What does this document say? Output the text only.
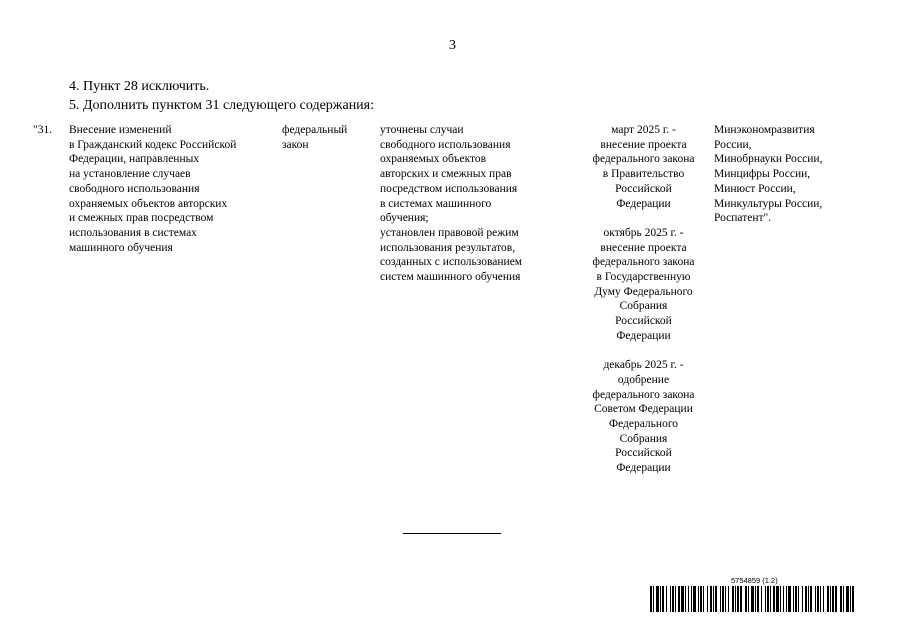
3
4. Пункт 28 исключить.
5. Дополнить пунктом 31 следующего содержания:
"31. Внесение изменений
в Гражданский кодекс Российской
Федерации, направленных
на установление случаев
свободного использования
охраняемых объектов авторских
и смежных прав посредством
использования в системах
машинного обучения
федеральный
закон
уточнены случаи
свободного использования
охраняемых объектов
авторских и смежных прав
посредством использования
в системах машинного
обучения;
установлен правовой режим
использования результатов,
созданных с использованием
систем машинного обучения
март 2025 г. -
внесение проекта
федерального закона
в Правительство
Российской
Федерации
октябрь 2025 г. -
внесение проекта
федерального закона
в Государственную
Думу Федерального
Собрания
Российской
Федерации
декабрь 2025 г. -
одобрение
федерального закона
Советом Федерации
Федерального
Собрания
Российской
Федерации
Минэкономразвития
России,
Минобрнауки России,
Минцифры России,
Минюст России,
Минкультуры России,
Роспатент".
5754859 (1.2)
